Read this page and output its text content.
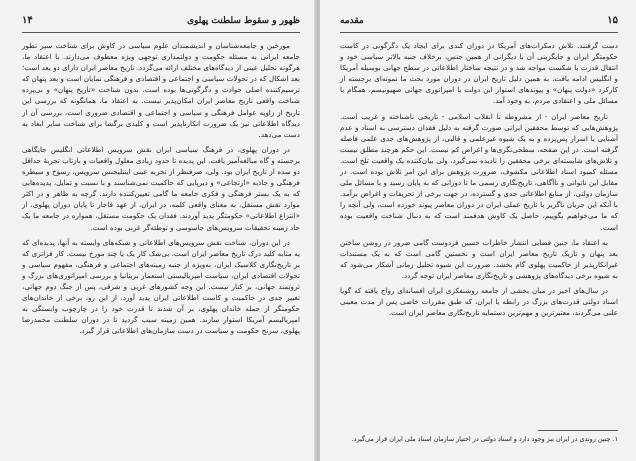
۱۴	ظهور و سقوط سلطنت پهلوی

مورخین و جامعه‌شناسان و اندیشمندان علوم سیاسی در کاوش برای شناخت سیر تطور جامعه ایرانی به مسئله حکومت و دولتمداری توجهی ویژه معطوف می‌دارند. با اعتقاد ما، هرگونه تحلیل عینی از دیدگاه‌های مختلف ارائه می‌گردد. تاریخ معاصر ایران دارای دو بعد است؛ بعد اشکال که در تحولات سیاسی و اجتماعی و اقتصادی و فرهنگی نمایان است و بعد پنهان که ترسیم‌کننده اصلی حوادث و دگرگونی‌ها بوده است. بدون شناخت «تاریخ پنهان» و بی‌پرده شناخت واقعی تاریخ معاصر ایران امکان‌پذیر نیست. به اعتقاد ما، همانگونه که بررسی این تاریخ از زاویه عوامل فرهنگی و سیاسی و اجتماعی و اقتصادی ضروری است، بررسی آن از دیدگاه اطلاعاتی نیز یک ضرورت انکارناپذیر است و کلیدی برگشا برای شناخت سایر ابعاد به دست می‌دهد.

در دوران پهلوی، در فرهنگ سیاسی ایران نقش سرویس اطلاعاتی انگلیس جایگاهی برجسته و گاه مبالغه‌آمیز یافت. این پدیده تا حدود زیادی معلول واقعیات و بازتاب تجربهٔ حداقل دو سده از تاریخ ایران بود. ولی، صرفنظر از تجربه عینی اینتلیجنس سرویس، رسوخ و سیطره فرهنگی و جاذبه «ارتجاعی» و دیرپایی که حاکمیت نمی‌شناسند و با نسبت و تمایل، پدیده‌هایی که به یک بستر فرهنگی و فکری جامعه ما گامی تعیین‌کننده دارند. گرچه به ظاهر و در اکثر موارد نقش مستقل، به معنای واقعی کلمه، در ایران، از عهد قاجار تا پایان دوران پهلوی، از «انتزاع اطلاعاتی» حکومتگر پدید آوردند. فقدان یک حکومت مستقل، همواره در جامعه ما یک حاد زمینه تحقیقات سرویس‌های جاسوسی و توطئه‌گر غربی بوده است.

در این دوران، شناخت نقش سرویس‌های اطلاعاتی و شبکه‌های وابسته به آنها، پدیده‌ای که به مثابه کلید درک تاریخ معاصر ایران است، بی‌شک کار یک یا چند مورخ نیست. کار فراتری که بر تاریخ‌نگاری کلاسیک ایران، به‌ویژه از جنبه زمینه‌های اجتماعی و فرهنگی، مفهوم سیاسی و تحولات اقتصادی ایران، سیاست امپریالیستی استعمار بریتانیا و بررسی امپراتوری‌های بزرگ و ثروتمند جهانی، بر کنار نیست. این وجه کشورهای غربی و شرقی، پس از جنگ دوم جهانی، تغییر جدی در حاکمیت و کاست اطلاعاتی ایران پدید آورد. از این رو، برخی از خاندان‌های حکومتگر از جمله خاندان پهلوی، بر آن شدند تا قدرت خود را در چارچوب وابستگی به امپریالیسم آمریکا استوار سازند. همین زمینه سبب گردید تا در دوران سلطنت محمدرضا پهلوی، سرنخ حکومت و سیاست در دست سازمان‌های اطلاعاتی قرار گیرد.

۱۵
مقدمه

دست گرفتند. تلاش دمکرات‌های آمریکا در دوران کندی برای ایجاد یک دگرگونی در کاست حکومتگر ایران و جایگزینی آن با دیگرانی از همین جنس، برخلاف جنبه بالاتر سیاسی خود و انتقال قدرت با شکست مواجه شد و در نتیجه ساختار اطلاعاتی در سطح جهانی بوسیله آمریکا و انگلیس ادامه یافت. به همین دلیل تاریخ ایران در دوران مورد بحث ما نمونه‌ای برجسته از کارکرد «دولت پنهان» و پیوندهای استوار این دولت با امپراتوری جهانی صهیونیسم، همگام با مسائل ملی و اعتقادی مردم، به وجود آمد.

تاریخ معاصر ایران - از مشروطه تا انقلاب اسلامی - تاریخی ناشناخته و غریب است. پژوهش‌هایی که توسط محققین ایرانی صورت گرفته به دلیل فقدان دسترسی به اسناد و عدم آشنایی با اسرار پس‌پرده و به یک شیوه غیرعلمی و قالبی، از پژوهش‌های جدی علمی فاصله گرفته است. در این صفحه، سطحی‌نگری‌ها و اغراض کم نیست. این حکم هرچند مطلق نیست و تلاش‌های شایسته‌ای برخی محققین را نادیده نمی‌گیرد، ولی بیان‌کننده یک واقعیت تلخ است. مسئله کمبود اسناد اطلاعاتی مکشوف، ضرورت پژوهش برای این امر تلاش بوده است. در مقابل این ناتوانی و ناآگاهی، تاریخ‌نگاری رسمی ما تا دورانی که به پایان رسید و با مسائل ملی سازمان دولتی، از منابع اطلاعاتی جدی و گسترده، در جهت برخی از تحریفات و اغراض برآمد. با آنکه این جریان ناگزیر با تاریخ عملی ایران در دوران معاصر پیوند خورده است، ولی آنچه را که ما می‌خواهیم بگوییم، حاصل یک کاوش هدفمند است که به دنبال شناخت واقعیت بوده است.

به اعتقاد ما، جنین فضایی انتشار خاطرات حسین فردوست گامی ضرور در روشن ساختن بعد پنهان و تاریک تاریخ معاصر ایران است و نخستین گامی است که به یک مستندات غیرانکارپذیر از حاکمیت پهلوی گام بخشد. ضرورت این شیوه تحلیل زمانی آشکار می‌شود که به شیوه برخی دیدگاه‌های پژوهشی و تاریخ‌نگاری معاصر ایران توجه گردد.

در سال‌های اخیر در میان بخشی از جامعه روشنفکری ایران افسانه‌ای رواج یافته که گویا اسناد دولتی قدرت‌های بزرگ در رابطه با ایران، که طبق مقررات خاصی پس از مدت معینی علنی می‌گردند، معتبرترین و مهم‌ترین دستمایه تاریخ‌نگاری معاصر ایران است.

۱. چنین روندی در ایران نیز وجود دارد و اسناد دولتی در اختیار سازمان اسناد ملی ایران قرار می‌گیرد.
